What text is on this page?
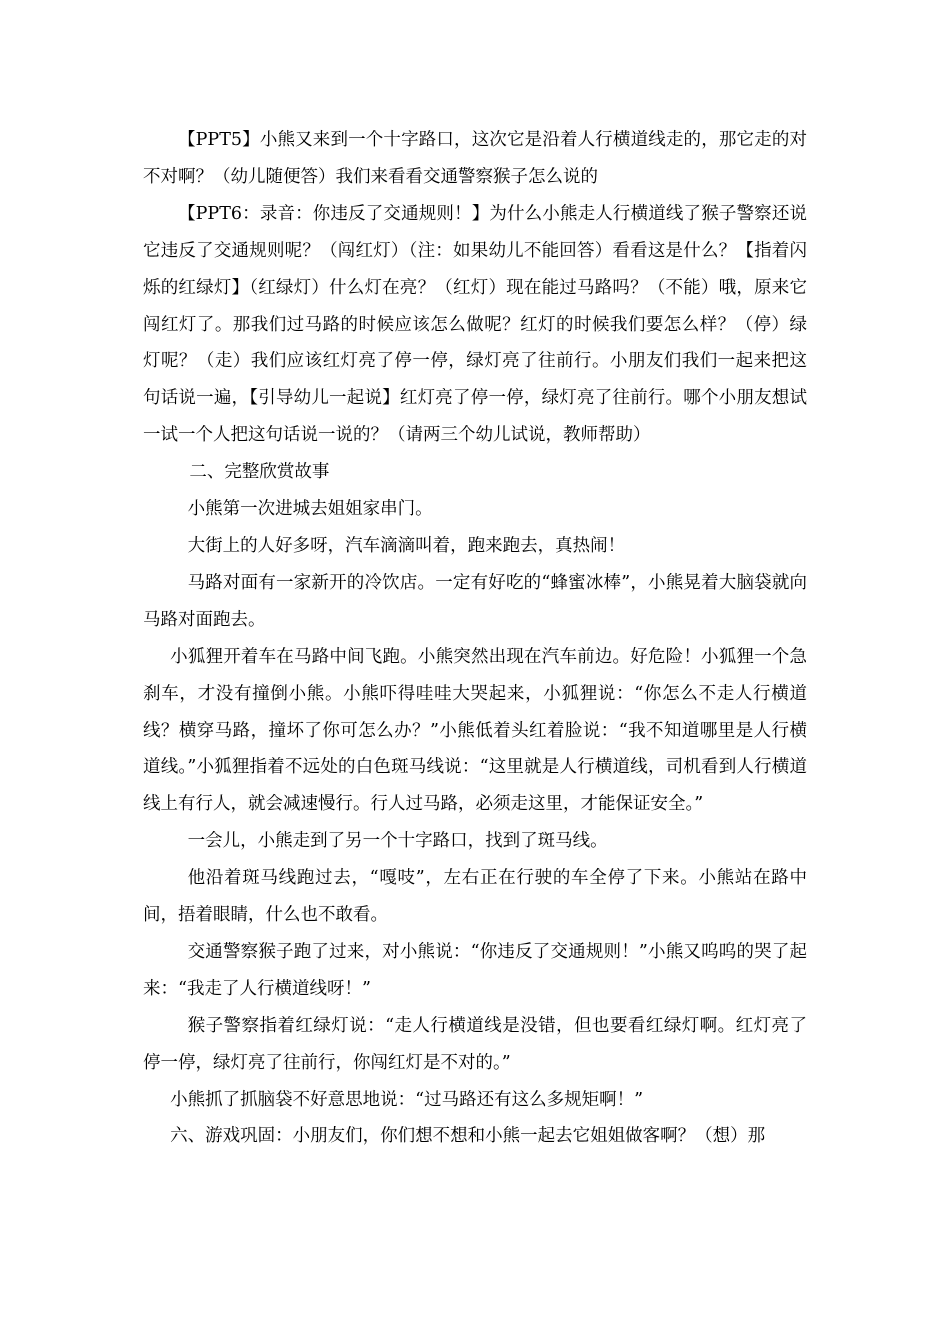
【PPT5】小熊又来到一个十字路口，这次它是沿着人行横道线走的，那它走的对不对啊？（幼儿随便答）我们来看看交通警察猴子怎么说的

【PPT6：录音：你违反了交通规则！】为什么小熊走人行横道线了猴子警察还说它违反了交通规则呢？（闯红灯）（注：如果幼儿不能回答）看看这是什么？【指着闪烁的红绿灯】（红绿灯）什么灯在亮？（红灯）现在能过马路吗？（不能）哦，原来它闯红灯了。那我们过马路的时候应该怎么做呢？红灯的时候我们要怎么样？（停）绿灯呢？（走）我们应该红灯亮了停一停，绿灯亮了往前行。小朋友们我们一起来把这句话说一遍，【引导幼儿一起说】红灯亮了停一停，绿灯亮了往前行。哪个小朋友想试一试一个人把这句话说一说的？（请两三个幼儿试说，教师帮助）

二、完整欣赏故事

小熊第一次进城去姐姐家串门。

大街上的人好多呀，汽车滴滴叫着，跑来跑去，真热闹！

马路对面有一家新开的冷饮店。一定有好吃的“蜂蜜冰棒”，小熊晃着大脑袋就向马路对面跑去。

小狐狸开着车在马路中间飞跑。小熊突然出现在汽车前边。好危险！小狐狸一个急刹车，才没有撞倒小熊。小熊吓得哇哇大哭起来，小狐狸说：“你怎么不走人行横道线？横穿马路，撞坏了你可怎么办？”小熊低着头红着脸说：“我不知道哪里是人行横道线。”小狐狸指着不远处的白色斑马线说：“这里就是人行横道线，司机看到人行横道线上有行人，就会减速慢行。行人过马路，必须走这里，才能保证安全。”

一会儿，小熊走到了另一个十字路口，找到了斑马线。

他沿着斑马线跑过去，“嘎吱”，左右正在行驶的车全停了下来。小熊站在路中间，捂着眼睛，什么也不敢看。

交通警察猴子跑了过来，对小熊说：“你违反了交通规则！”小熊又呜呜的哭了起来：“我走了人行横道线呀！”

猴子警察指着红绿灯说：“走人行横道线是没错，但也要看红绿灯啊。红灯亮了停一停，绿灯亮了往前行，你闯红灯是不对的。”

小熊抓了抓脑袋不好意思地说：“过马路还有这么多规矩啊！”

六、游戏巩固：小朋友们，你们想不想和小熊一起去它姐姐做客啊？（想）那
